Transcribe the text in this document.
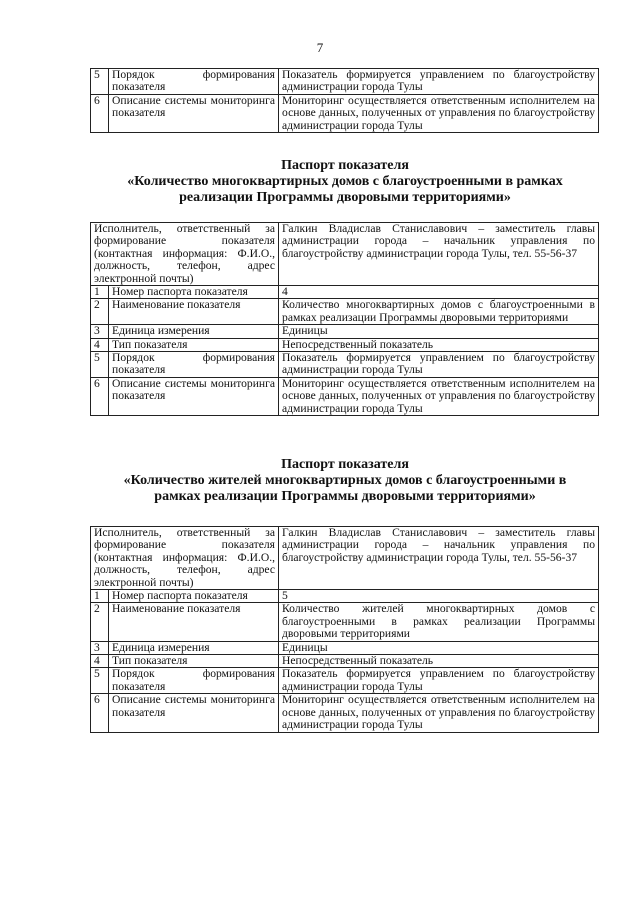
7
5	Порядок формирования показателя	Показатель формируется управлением по благоустройству администрации города Тулы
6	Описание системы мониторинга показателя	Мониторинг осуществляется ответственным исполнителем на основе данных, полученных от управления по благоустройству администрации города Тулы
Паспорт показателя
«Количество многоквартирных домов с благоустроенными в рамках
реализации Программы дворовыми территориями»
Исполнитель, ответственный за формирование показателя (контактная информация: Ф.И.О., должность, телефон, адрес электронной почты)		Галкин Владислав Станиславович – заместитель главы администрации города – начальник управления по благоустройству администрации города Тулы, тел. 55-56-37
1	Номер паспорта показателя	4
2	Наименование показателя	Количество многоквартирных домов с благоустроенными в рамках реализации Программы дворовыми территориями
3	Единица измерения	Единицы
4	Тип показателя	Непосредственный показатель
5	Порядок формирования показателя	Показатель формируется управлением по благоустройству администрации города Тулы
6	Описание системы мониторинга показателя	Мониторинг осуществляется ответственным исполнителем на основе данных, полученных от управления по благоустройству администрации города Тулы
Паспорт показателя
«Количество жителей многоквартирных домов с благоустроенными в
рамках реализации Программы дворовыми территориями»
Исполнитель, ответственный за формирование показателя (контактная информация: Ф.И.О., должность, телефон, адрес электронной почты)		Галкин Владислав Станиславович – заместитель главы администрации города – начальник управления по благоустройству администрации города Тулы, тел. 55-56-37
1	Номер паспорта показателя	5
2	Наименование показателя	Количество жителей многоквартирных домов с благоустроенными в рамках реализации Программы дворовыми территориями
3	Единица измерения	Единицы
4	Тип показателя	Непосредственный показатель
5	Порядок формирования показателя	Показатель формируется управлением по благоустройству администрации города Тулы
6	Описание системы мониторинга показателя	Мониторинг осуществляется ответственным исполнителем на основе данных, полученных от управления по благоустройству администрации города Тулы
